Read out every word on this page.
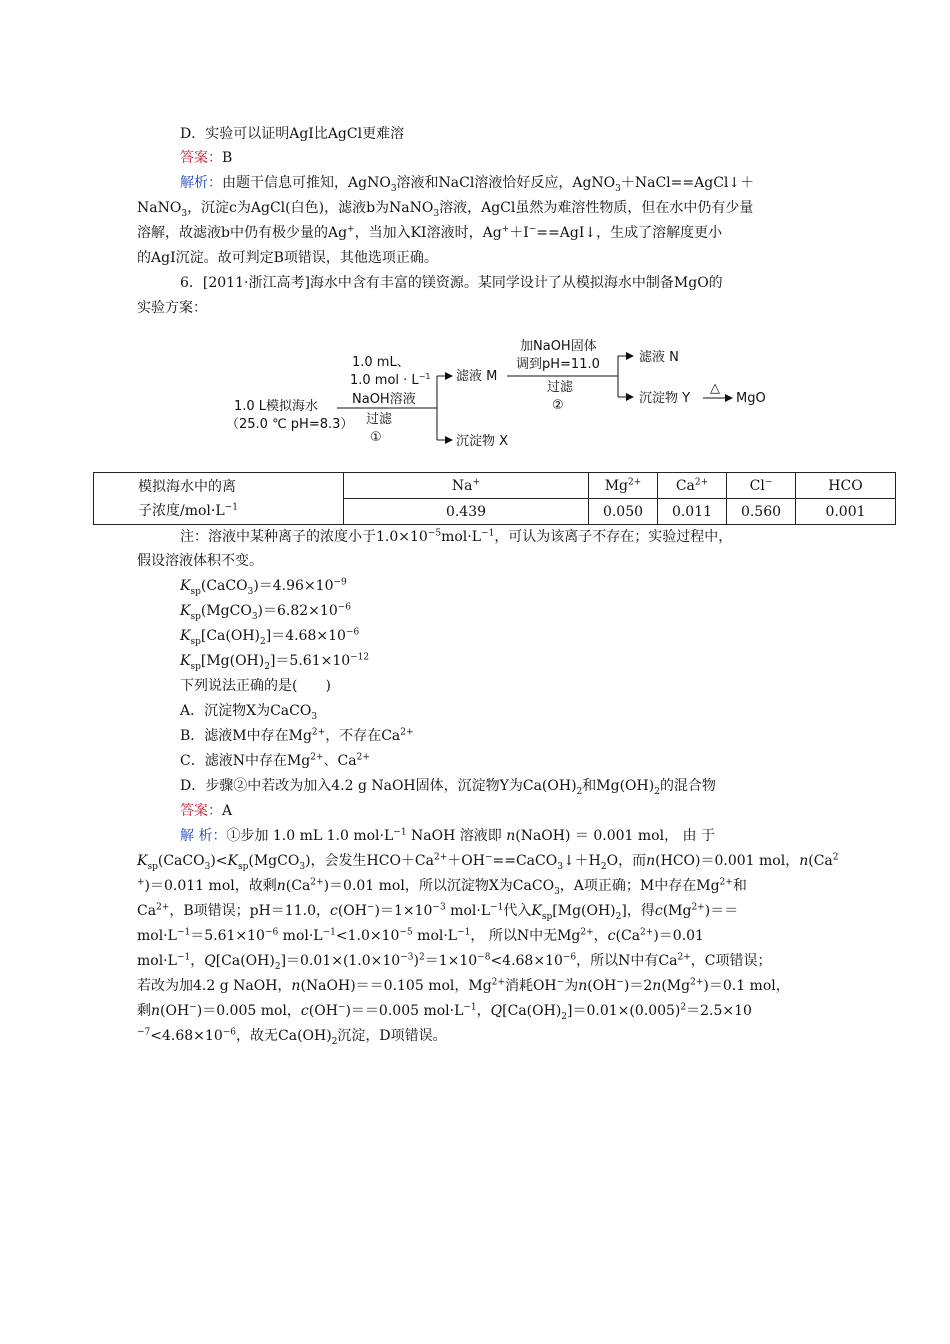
D．实验可以证明AgI比AgCl更难溶
答案：B
解析：由题干信息可推知，AgNO$_3$溶液和NaCl溶液恰好反应，AgNO$_3$＋NaCl==AgCl↓＋
NaNO$_3$，沉淀c为AgCl(白色)，滤液b为NaNO$_3$溶液，AgCl虽然为难溶性物质，但在水中仍有少量
溶解，故滤液b中仍有极少量的Ag+，当加入KI溶液时，Ag+＋I−==AgI↓，生成了溶解度更小
的AgI沉淀。故可判定B项错误，其他选项正确。
6．[2011·浙江高考]海水中含有丰富的镁资源。某同学设计了从模拟海水中制备MgO的
实验方案：
1.0 L模拟海水
（25.0 ℃ pH=8.3）
1.0 mL、
1.0 mol · $L^{-1}$
NaOH溶液
过滤
①
滤液 M
沉淀物 X
加NaOH固体
调到pH=11.0
过滤
②
滤液 N
沉淀物 Y
△
MgO
模拟海水中的离
子浓度$/mol\cdot L^{-1}$	Na+	$Mg^{2+}$	$Ca^{2+}$	Cl−	HCO
	0.439	0.050	0.011	0.560	0.001
注：溶液中某种离子的浓度小于$1.0\times 10^{-5}mol\cdot L^{-1}$，可认为该离子不存在；实验过程中，
假设溶液体积不变。
$K_{sp}(CaCO_3)=4.96\times 10^{-9}$
$K_{sp}(MgCO_3)=6.82\times 10^{-6}$
$K_{sp}[Ca(OH)_2]=4.68\times 10^{-6}$
$K_{sp}[Mg(OH)_2]=5.61\times 10^{-12}$
下列说法正确的是(　　)
A．沉淀物X为CaCO$_3$
B．滤液M中存在$Mg^{2+}$，不存在$Ca^{2+}$
C．滤液N中存在$Mg^{2+}$、$Ca^{2+}$
D．步骤②中若改为加入4.2 g NaOH固体，沉淀物Y为$Ca(OH)_2$和$Mg(OH)_2$的混合物
答案：A
解 析：①步加 1.0 mL 1.0 $mol\cdot L^{-1}$ NaOH 溶液即 n(NaOH) ＝ 0.001 mol， 由 于
$K_{sp}(CaCO_3)<K_{sp}(MgCO_3)$，会发生$HCO+Ca^{2+}+OH^-==CaCO_3↓+H_2O$，而n(HCO)＝0.001 mol，n(Ca$^2$
+)＝0.011 mol，故剩$n(Ca^{2+})=0.01$ mol，所以沉淀物X为CaCO$_3$，A项正确；M中存在$Mg^{2+}$和
$Ca^{2+}$，B项错误；pH＝11.0，$c(OH^-)=1\times 10^{-3}$ $mol\cdot L^{-1}$代入$K_{sp}[Mg(OH)_2]$，得$c(Mg^{2+})==$
$mol\cdot L^{-1}=5.61\times 10^{-6}$ $mol\cdot L^{-1}<1.0\times 10^{-5}$ $mol\cdot L^{-1}$， 所以N中无$Mg^{2+}$，$c(Ca^{2+})=0.01$
$mol\cdot L^{-1}$，$Q[Ca(OH)_2]=0.01\times(1.0\times 10^{-3})^2=1\times 10^{-8}<4.68\times 10^{-6}$，所以N中有$Ca^{2+}$，C项错误；
若改为加4.2 g NaOH，n(NaOH)＝＝0.105 mol，$Mg^{2+}$消耗OH−为$n(OH^-)=2n(Mg^{2+})=0.1$ mol，
剩n(OH−)＝0.005 mol，c(OH−)＝＝0.005 $mol\cdot L^{-1}$，$Q[Ca(OH)_2]=0.01\times(0.005)^2=2.5\times 10$
$^{-7}<4.68\times 10^{-6}$，故无$Ca(OH)_2$沉淀，D项错误。
